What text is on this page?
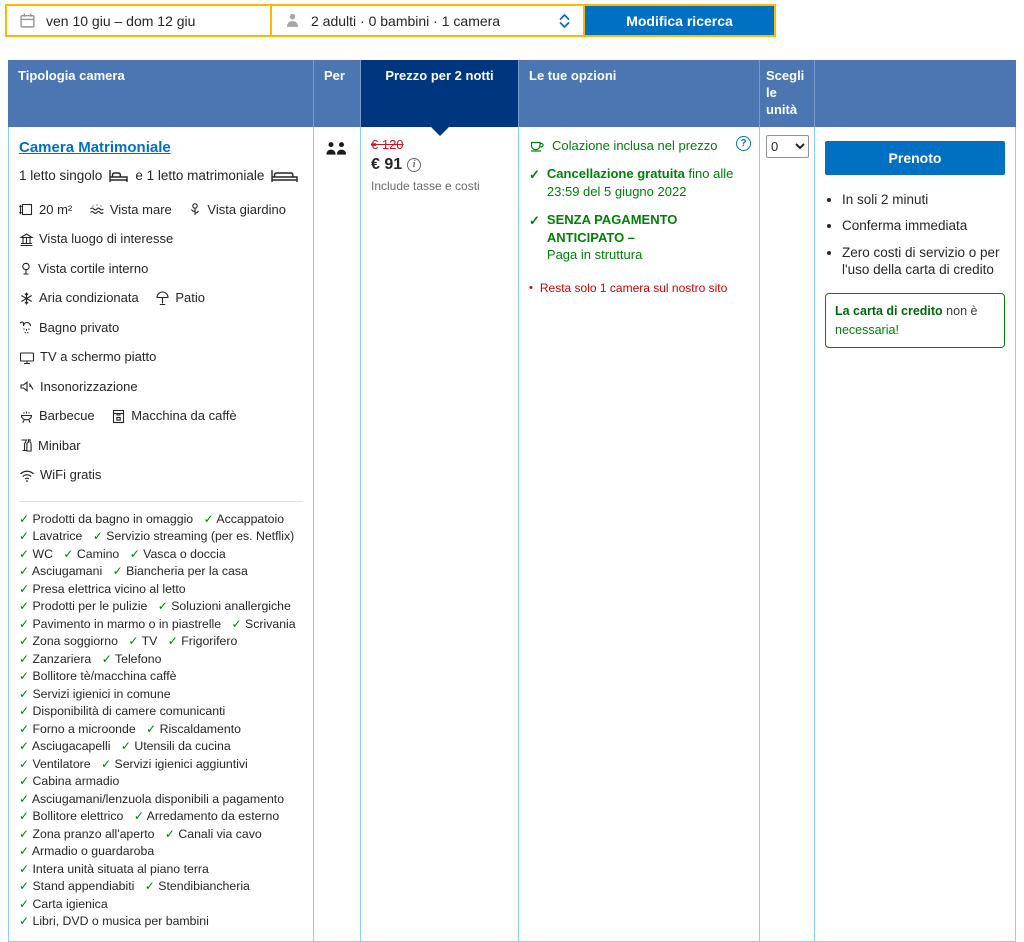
ven 10 giu – dom 12 giu	2 adulti · 0 bambini · 1 camera	Modifica ricerca
Tipologia camera	Per	Prezzo per 2 notti	Le tue opzioni	Scegli le unità
Camera Matrimoniale
1 letto singolo e 1 letto matrimoniale
20 m²
	Vista mare
	Vista giardino

Vista luogo di interesse

Vista cortile interno

Aria condizionata
	Patio

Bagno privato

TV a schermo piatto

Insonorizzazione

Barbecue
	Macchina da caffè

Minibar

WiFi gratis
✓ Prodotti da bagno in omaggio ✓ Accappatoio ✓ Lavatrice ✓ Servizio streaming (per es. Netflix) ✓ WC ✓ Camino ✓ Vasca o doccia ✓ Asciugamani ✓ Biancheria per la casa ✓ Presa elettrica vicino al letto ✓ Prodotti per le pulizie ✓ Soluzioni anallergiche ✓ Pavimento in marmo o in piastrelle ✓ Scrivania ✓ Zona soggiorno ✓ TV ✓ Frigorifero ✓ Zanzariera ✓ Telefono ✓ Bollitore tè/macchina caffè ✓ Servizi igienici in comune ✓ Disponibilità di camere comunicanti ✓ Forno a microonde ✓ Riscaldamento ✓ Asciugacapelli ✓ Utensili da cucina ✓ Ventilatore ✓ Servizi igienici aggiuntivi ✓ Cabina armadio ✓ Asciugamani/lenzuola disponibili a pagamento ✓ Bollitore elettrico ✓ Arredamento da esterno ✓ Zona pranzo all'aperto ✓ Canali via cavo ✓ Armadio o guardaroba ✓ Intera unità situata al piano terra ✓ Stand appendiabiti ✓ Stendibiancheria ✓ Carta igienica ✓ Libri, DVD o musica per bambini
€ 120
€ 91
i
Include tasse e costi
?
Colazione inclusa nel prezzo
✓
Cancellazione gratuita fino alle 23:59 del 5 giugno 2022
✓
SENZA PAGAMENTO ANTICIPATO –
Paga in struttura
•
Resta solo 1 camera sul nostro sito
0
Prenoto
• In soli 2 minuti
• Conferma immediata
• Zero costi di servizio o per l'uso della carta di credito
La carta di credito non è necessaria!
